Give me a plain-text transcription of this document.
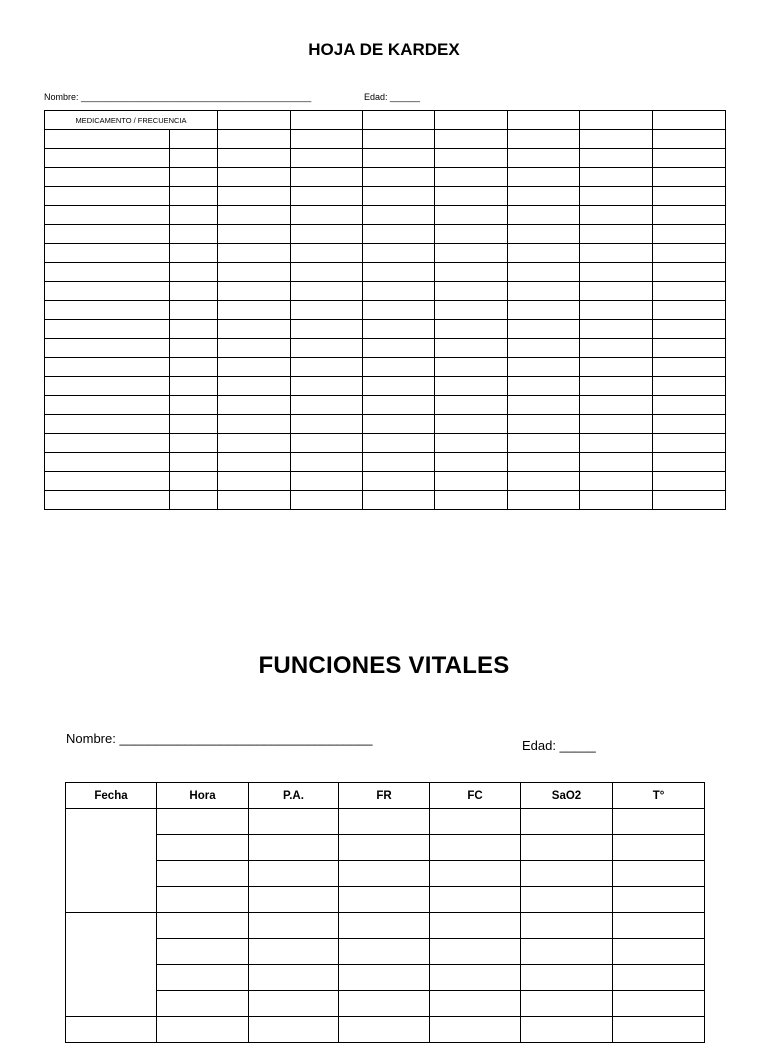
HOJA DE KARDEX
Nombre: ______________________________________________	Edad: ______
MEDICAMENTO / FRECUENCIA								

FUNCIONES VITALES
Nombre: ___________________________________	Edad: _____
Fecha	Hora	P.A.	FR	FC	SaO2	T°
